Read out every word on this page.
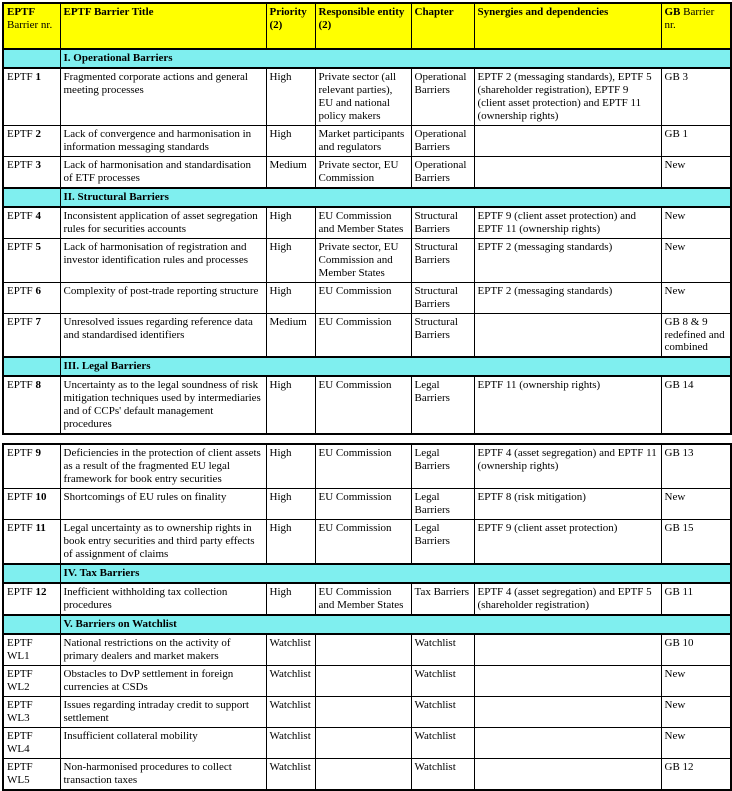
EPTF Barrier nr.	EPTF Barrier Title	Priority (2)	Responsible entity (2)	Chapter	Synergies and dependencies	GB Barrier nr.
	I. Operational Barriers					
EPTF 1	Fragmented corporate actions and general meeting processes	High	Private sector (all relevant parties), EU and national policy makers	Operational Barriers	EPTF 2 (messaging standards), EPTF 5 (shareholder registration), EPTF 9 (client asset protection) and EPTF 11 (ownership rights)	GB 3
EPTF 2	Lack of convergence and harmonisation in information messaging standards	High	Market participants and regulators	Operational Barriers		GB 1
EPTF 3	Lack of harmonisation and standardisation of ETF processes	Medium	Private sector, EU Commission	Operational Barriers		New
	II. Structural Barriers					
EPTF 4	Inconsistent application of asset segregation rules for securities accounts	High	EU Commission and Member States	Structural Barriers	EPTF 9 (client asset protection) and EPTF 11 (ownership rights)	New
EPTF 5	Lack of harmonisation of registration and investor identification rules and processes	High	Private sector, EU Commission and Member States	Structural Barriers	EPTF 2 (messaging standards)	New
EPTF 6	Complexity of post-trade reporting structure	High	EU Commission	Structural Barriers	EPTF 2 (messaging standards)	New
EPTF 7	Unresolved issues regarding reference data and standardised identifiers	Medium	EU Commission	Structural Barriers		GB 8 & 9 redefined and combined
	III. Legal Barriers					
EPTF 8	Uncertainty as to the legal soundness of risk mitigation techniques used by intermediaries and of CCPs' default management procedures	High	EU Commission	Legal Barriers	EPTF 11 (ownership rights)	GB 14
EPTF 9	Deficiencies in the protection of client assets as a result of the fragmented EU legal framework for book entry securities	High	EU Commission	Legal Barriers	EPTF 4 (asset segregation) and EPTF 11 (ownership rights)	GB 13
EPTF 10	Shortcomings of EU rules on finality	High	EU Commission	Legal Barriers	EPTF 8 (risk mitigation)	New
EPTF 11	Legal uncertainty as to ownership rights in book entry securities and third party effects of assignment of claims	High	EU Commission	Legal Barriers	EPTF 9 (client asset protection)	GB 15
	IV. Tax Barriers					
EPTF 12	Inefficient withholding tax collection procedures	High	EU Commission and Member States	Tax Barriers	EPTF 4 (asset segregation) and EPTF 5 (shareholder registration)	GB 11
	V. Barriers on Watchlist					
EPTF WL1	National restrictions on the activity of primary dealers and market makers	Watchlist		Watchlist		GB 10
EPTF WL2	Obstacles to DvP settlement in foreign currencies at CSDs	Watchlist		Watchlist		New
EPTF WL3	Issues regarding intraday credit to support settlement	Watchlist		Watchlist		New
EPTF WL4	Insufficient collateral mobility	Watchlist		Watchlist		New
EPTF WL5	Non-harmonised procedures to collect transaction taxes	Watchlist		Watchlist		GB 12
